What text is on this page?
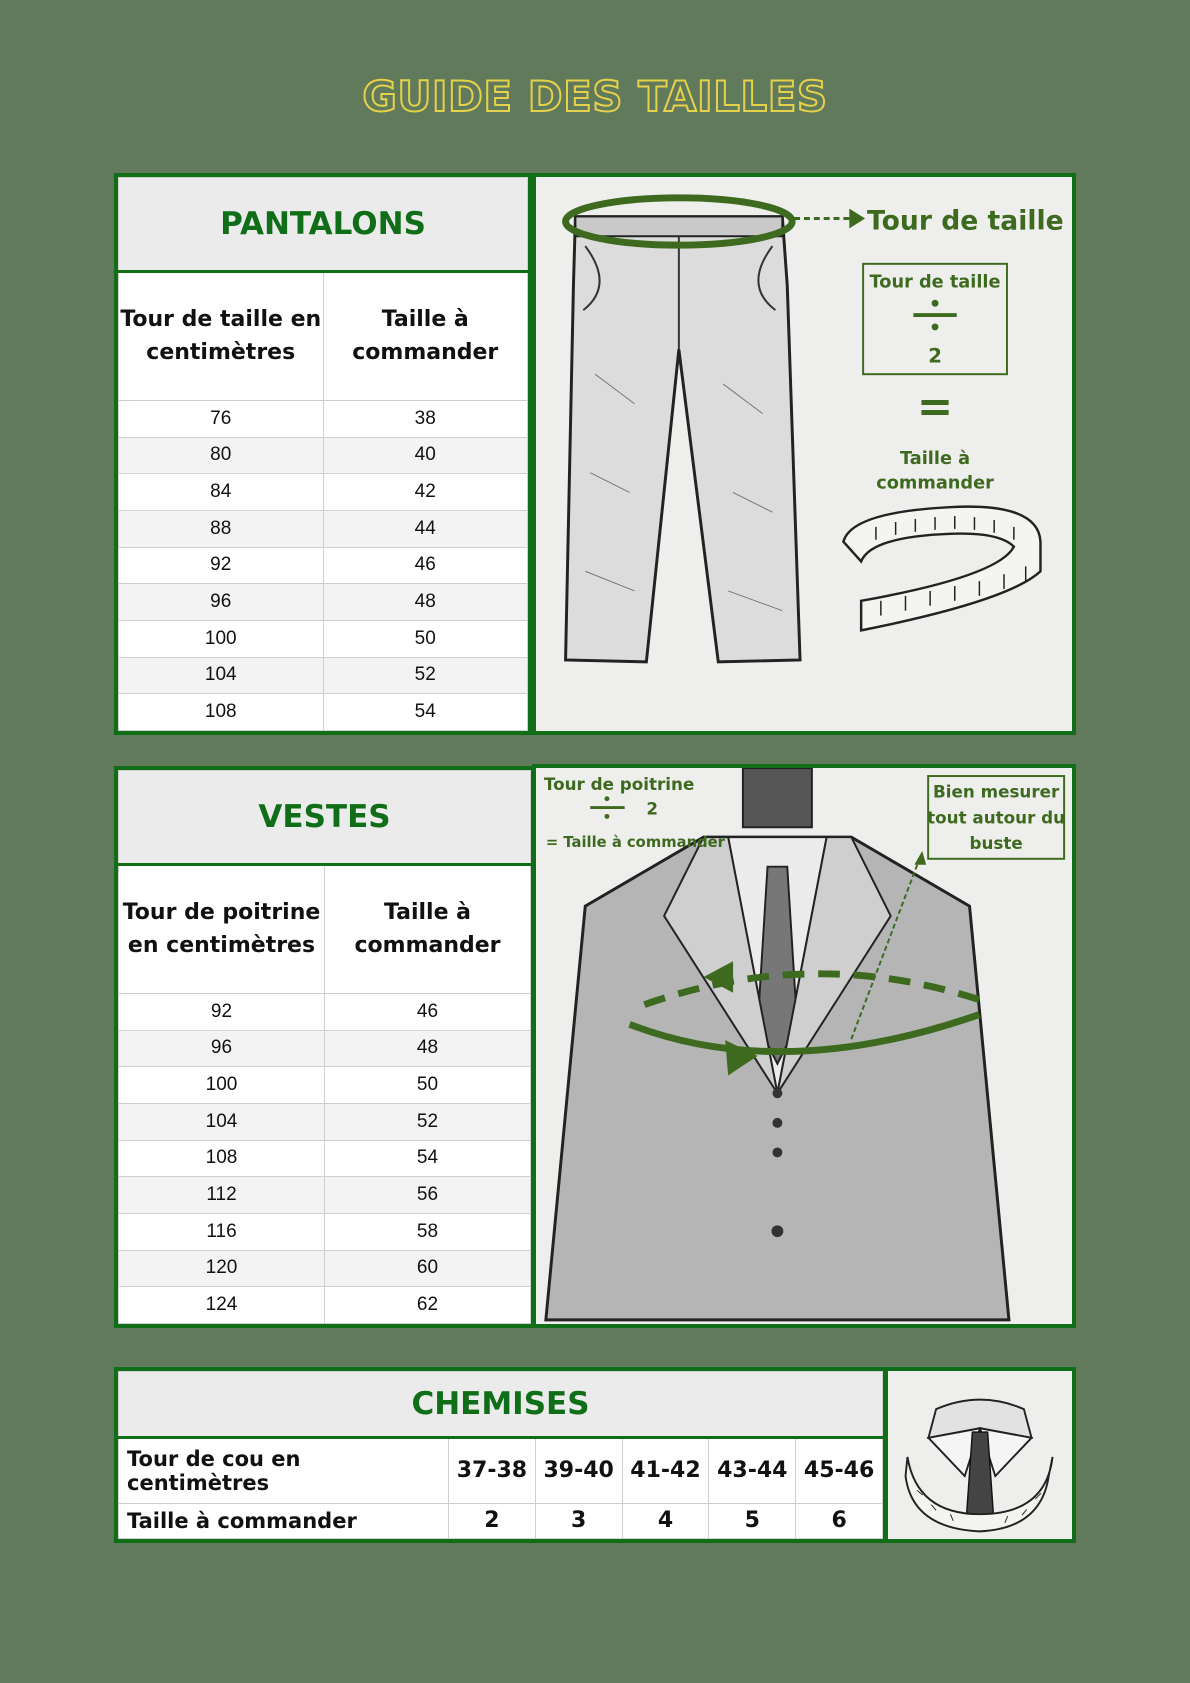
GUIDE DES TAILLES
PANTALONS	
Tour de taille en centimètres	Taille à commander
76	38
80	40
84	42
88	44
92	46
96	48
100	50
104	52
108	54
Tour de taille
Tour de taille
2
=
Taille à
commander
VESTES	
Tour de poitrine en centimètres	Taille à commander
92	46
96	48
100	50
104	52
108	54
112	56
116	58
120	60
124	62
Tour de poitrine
2
= Taille à commander
Bien mesurer
tout autour du
buste
CHEMISES					
Tour de cou en centimètres	37-38	39-40	41-42	43-44	45-46
Taille à commander	2	3	4	5	6
